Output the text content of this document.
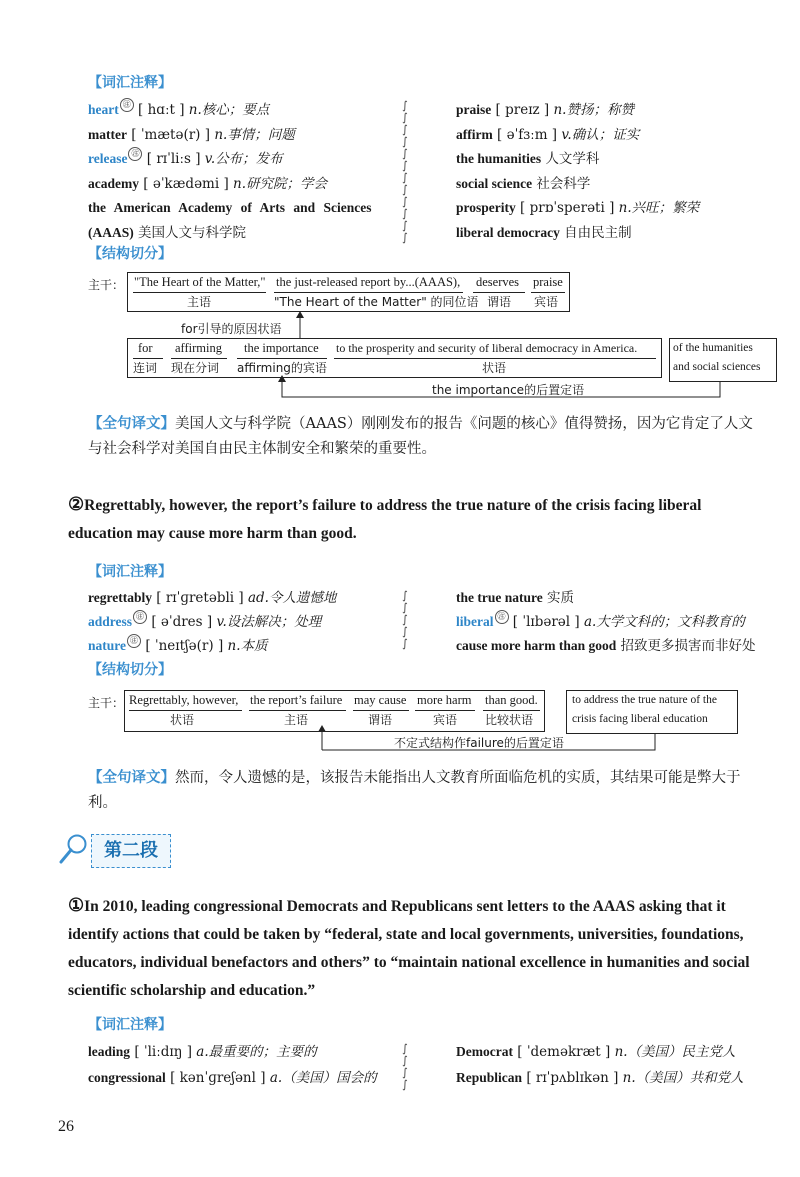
【词汇注释】
heart ㊟ [ hɑːt ] n.核心；要点
matter [ ˈmætə(r) ] n.事情；问题
release ㊟ [ rɪˈliːs ] v.公布；发布
academy [ əˈkædəmi ] n.研究院；学会
the American Academy of Arts and Sciences
(AAAS) 美国人文与科学院
∫
∫
∫
∫
∫
∫
∫
∫
∫
∫
∫
∫
praise [ preɪz ] n.赞扬；称赞
affirm [ əˈfɜːm ] v.确认；证实
the humanities 人文学科
social science 社会科学
prosperity [ prɒˈsperəti ] n.兴旺；繁荣
liberal democracy 自由民主制
【结构切分】
主干： "The Heart of the Matter,"
主语
the just-released report by...(AAAS),
"The Heart of the Matter" 的同位语
deserves
谓语
praise
宾语
for引导的原因状语
for
连词
affirming
现在分词
the importance
affirming的宾语
to the prosperity and security of liberal democracy in America.
状语
of the humanities
and social sciences
the importance的后置定语
【全句译文】美国人文与科学院（AAAS）刚刚发布的报告《问题的核心》值得赞扬，因为它肯定了人文与社会科学对美国自由民主体制安全和繁荣的重要性。
②Regrettably, however, the report’s failure to address the true nature of the crisis facing liberal education may cause more harm than good.
【词汇注释】
regrettably [ rɪˈɡretəbli ] ad.令人遗憾地
address ㊟ [ əˈdres ] v.设法解决；处理
nature ㊟ [ ˈneɪtʃə(r) ] n.本质
∫
∫
∫
∫
∫
the true nature 实质
liberal ㊟ [ ˈlɪbərəl ] a.大学文科的；文科教育的
cause more harm than good 招致更多损害而非好处
【结构切分】
主干： Regrettably, however,
状语
the report’s failure
主语
may cause
谓语
more harm
宾语
than good.
比较状语
to address the true nature of the
crisis facing liberal education
不定式结构作failure的后置定语
【全句译文】然而，令人遗憾的是，该报告未能指出人文教育所面临危机的实质，其结果可能是弊大于利。
第二段
①In 2010, leading congressional Democrats and Republicans sent letters to the AAAS asking that it identify actions that could be taken by “federal, state and local governments, universities, foundations, educators, individual benefactors and others” to “maintain national excellence in humanities and social scientific scholarship and education.”
【词汇注释】
leading [ ˈliːdɪŋ ] a.最重要的；主要的
congressional [ kənˈɡreʃənl ] a.（美国）国会的
∫
∫
∫
∫
Democrat [ ˈdeməkræt ] n.（美国）民主党人
Republican [ rɪˈpʌblɪkən ] n.（美国）共和党人
26
